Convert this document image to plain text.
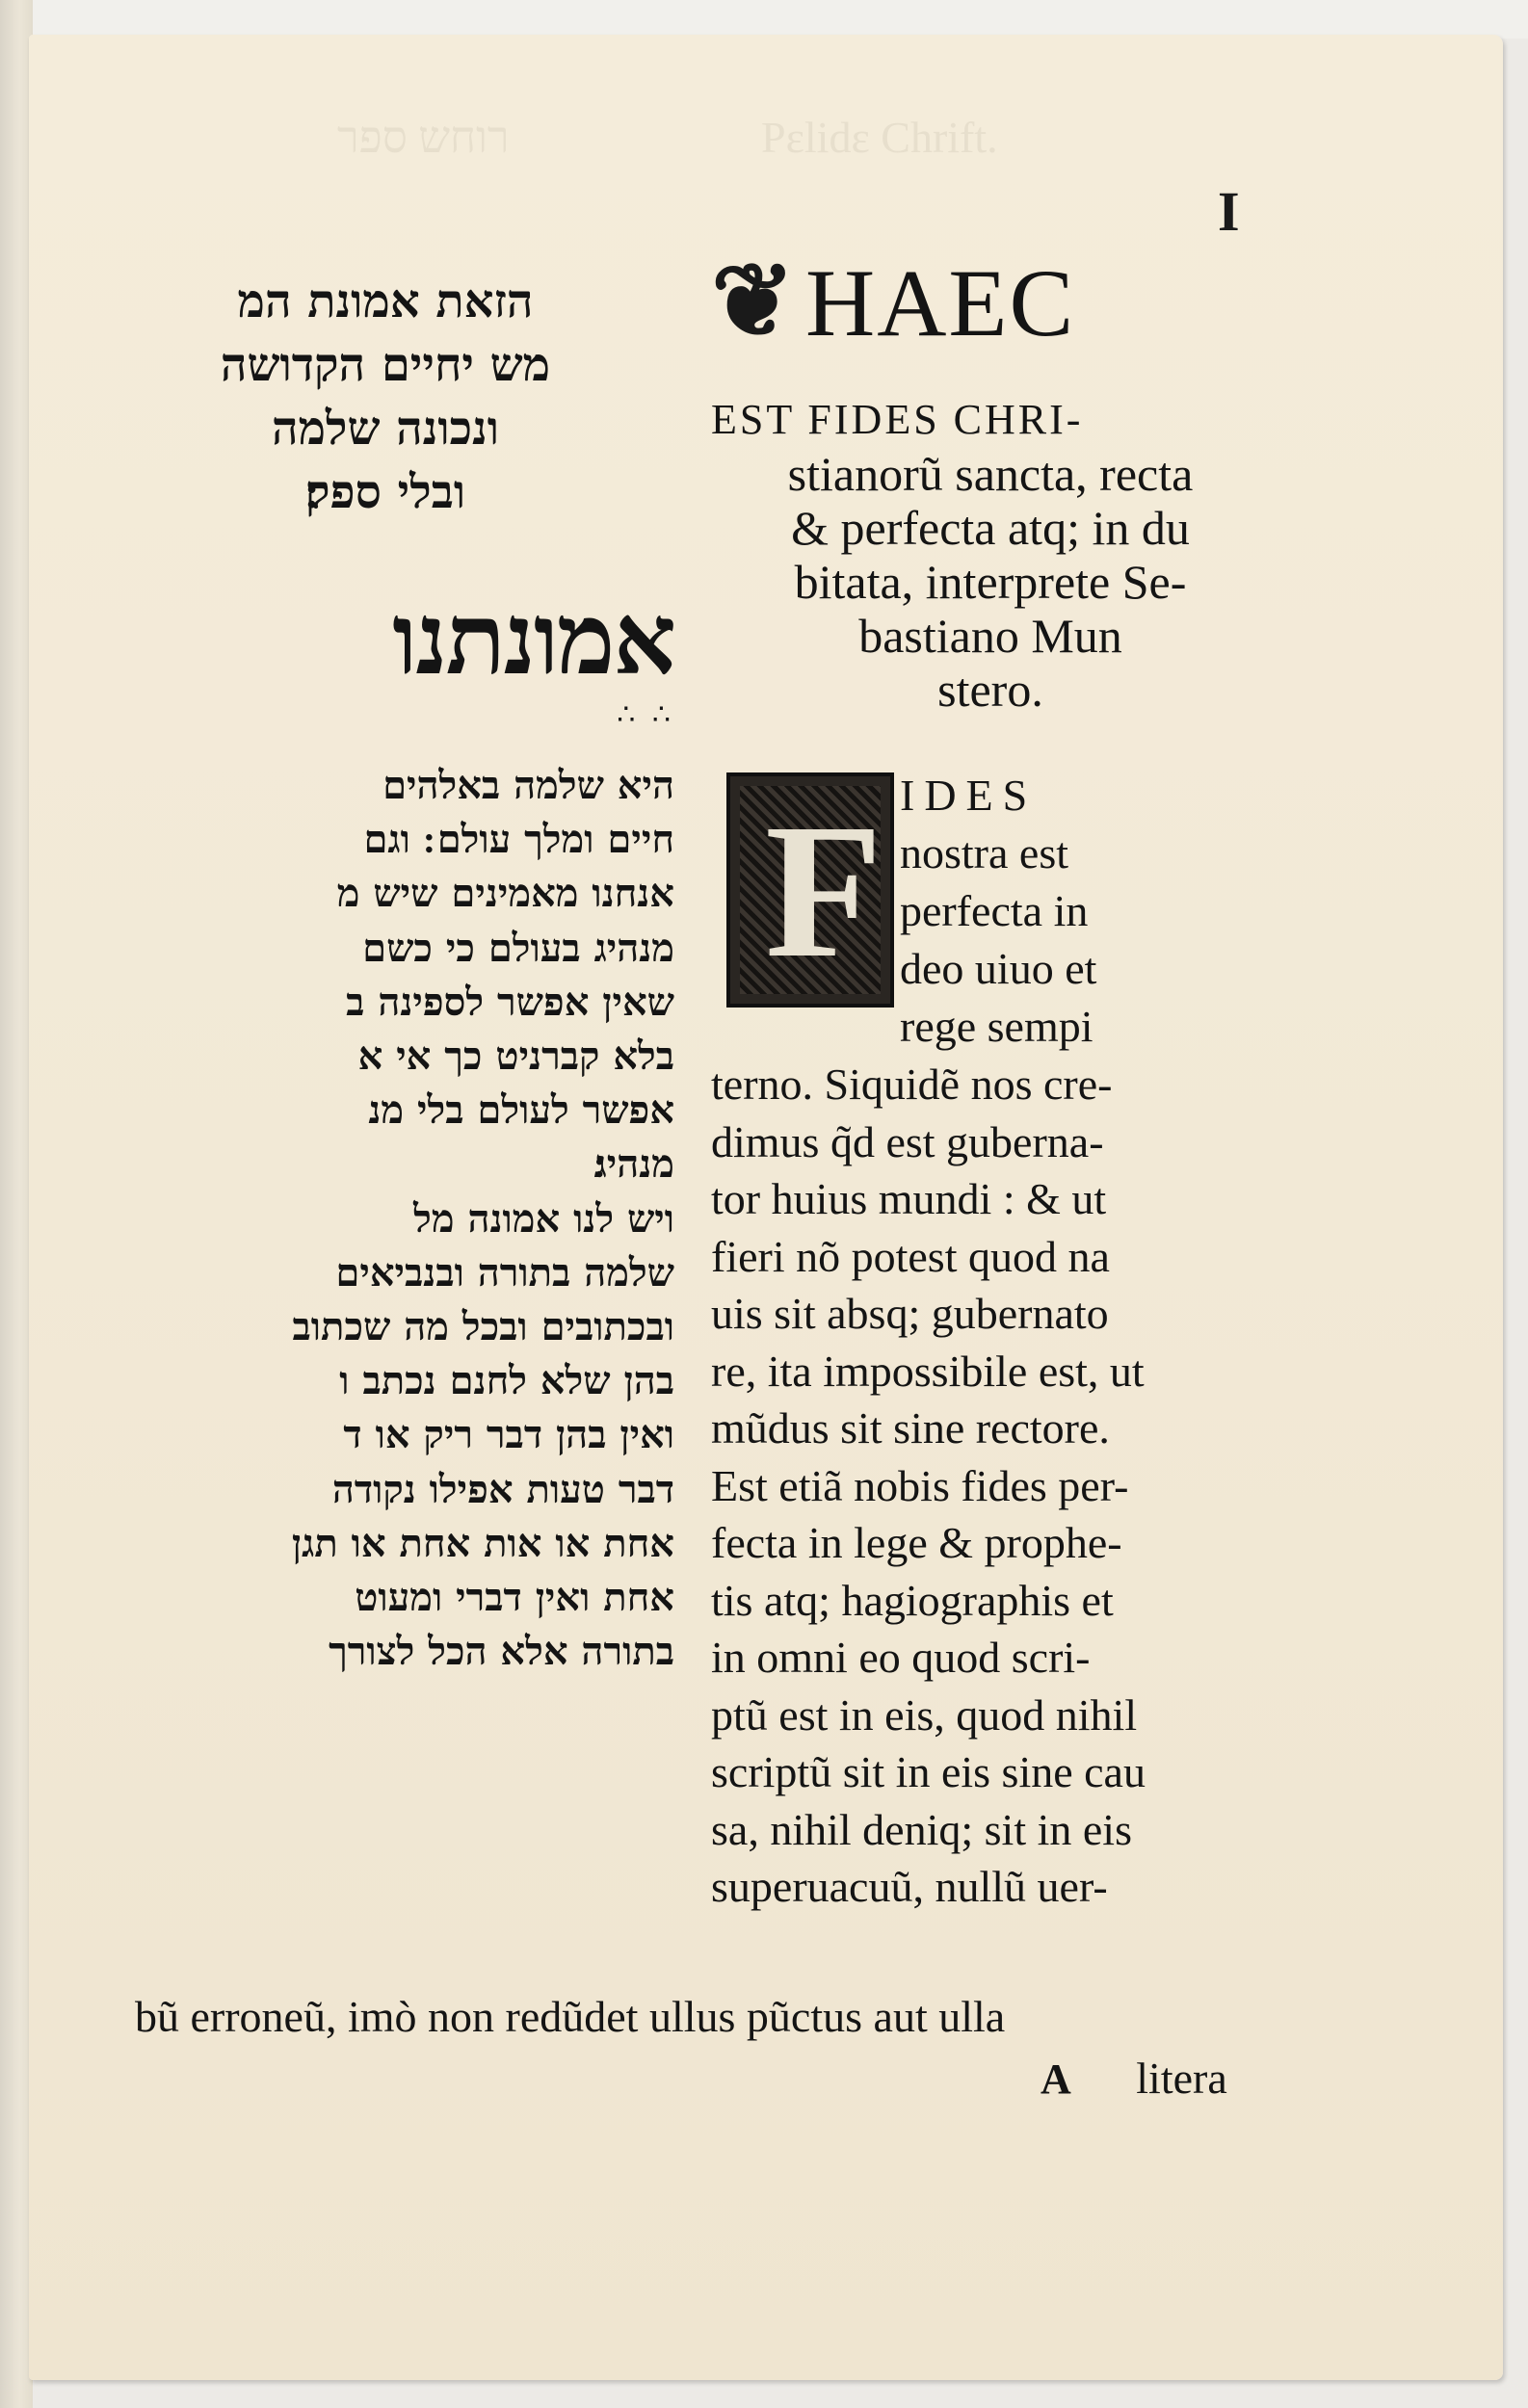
Pεlidε Chrift.
רוחש ספר
I
הזאת אמונת המ
מש יחיים הקדושה
ונכונה שלמה
ובלי ספק׃
אמונתנו
∴ ∴
היא שלמה באלהים
חיים ומלך עולם ׃ וגם
אנחנו מאמינים שיש מ
מנהיג בעולם כי כשם
שאין אפשר לספינה ב
בלא קברניט כך אי א
אפשר לעולם בלי מנ
מנהיג׃
ויש לנו אמונה מל
שלמה בתורה ובנביאים
ובכתובים ובכל מה שכתוב
בהן שלא לחנם נכתב ו
ואין בהן דבר ריק או ד
דבר טעות אפילו נקודה
אחת או אות אחת או תגן
אחת ואין דברי ומעוט
בתורה אלא הכל לצורך
❦ HAEC
EST FIDES CHRI-
stianorũ sancta, recta
& perfecta atq; in du
bitata, interprete Se-
bastiano Mun
stero.
F IDES
nostra est
perfecta in
deo uiuo et
rege sempi
terno. Siquidẽ nos cre-
dimus q̃d est guberna-
tor huius mundi : & ut
fieri nõ potest quod na
uis sit absq; gubernato
re, ita impossibile est, ut
mũdus sit sine rectore.
Est etiã nobis fides per-
fecta in lege & prophe-
tis atq; hagiographis et
in omni eo quod scri-
ptũ est in eis, quod nihil
scriptũ sit in eis sine cau
sa, nihil deniq; sit in eis
superuacuũ, nullũ uer-
bũ erroneũ, imò non redũdet ullus pũctus aut ulla
A litera
